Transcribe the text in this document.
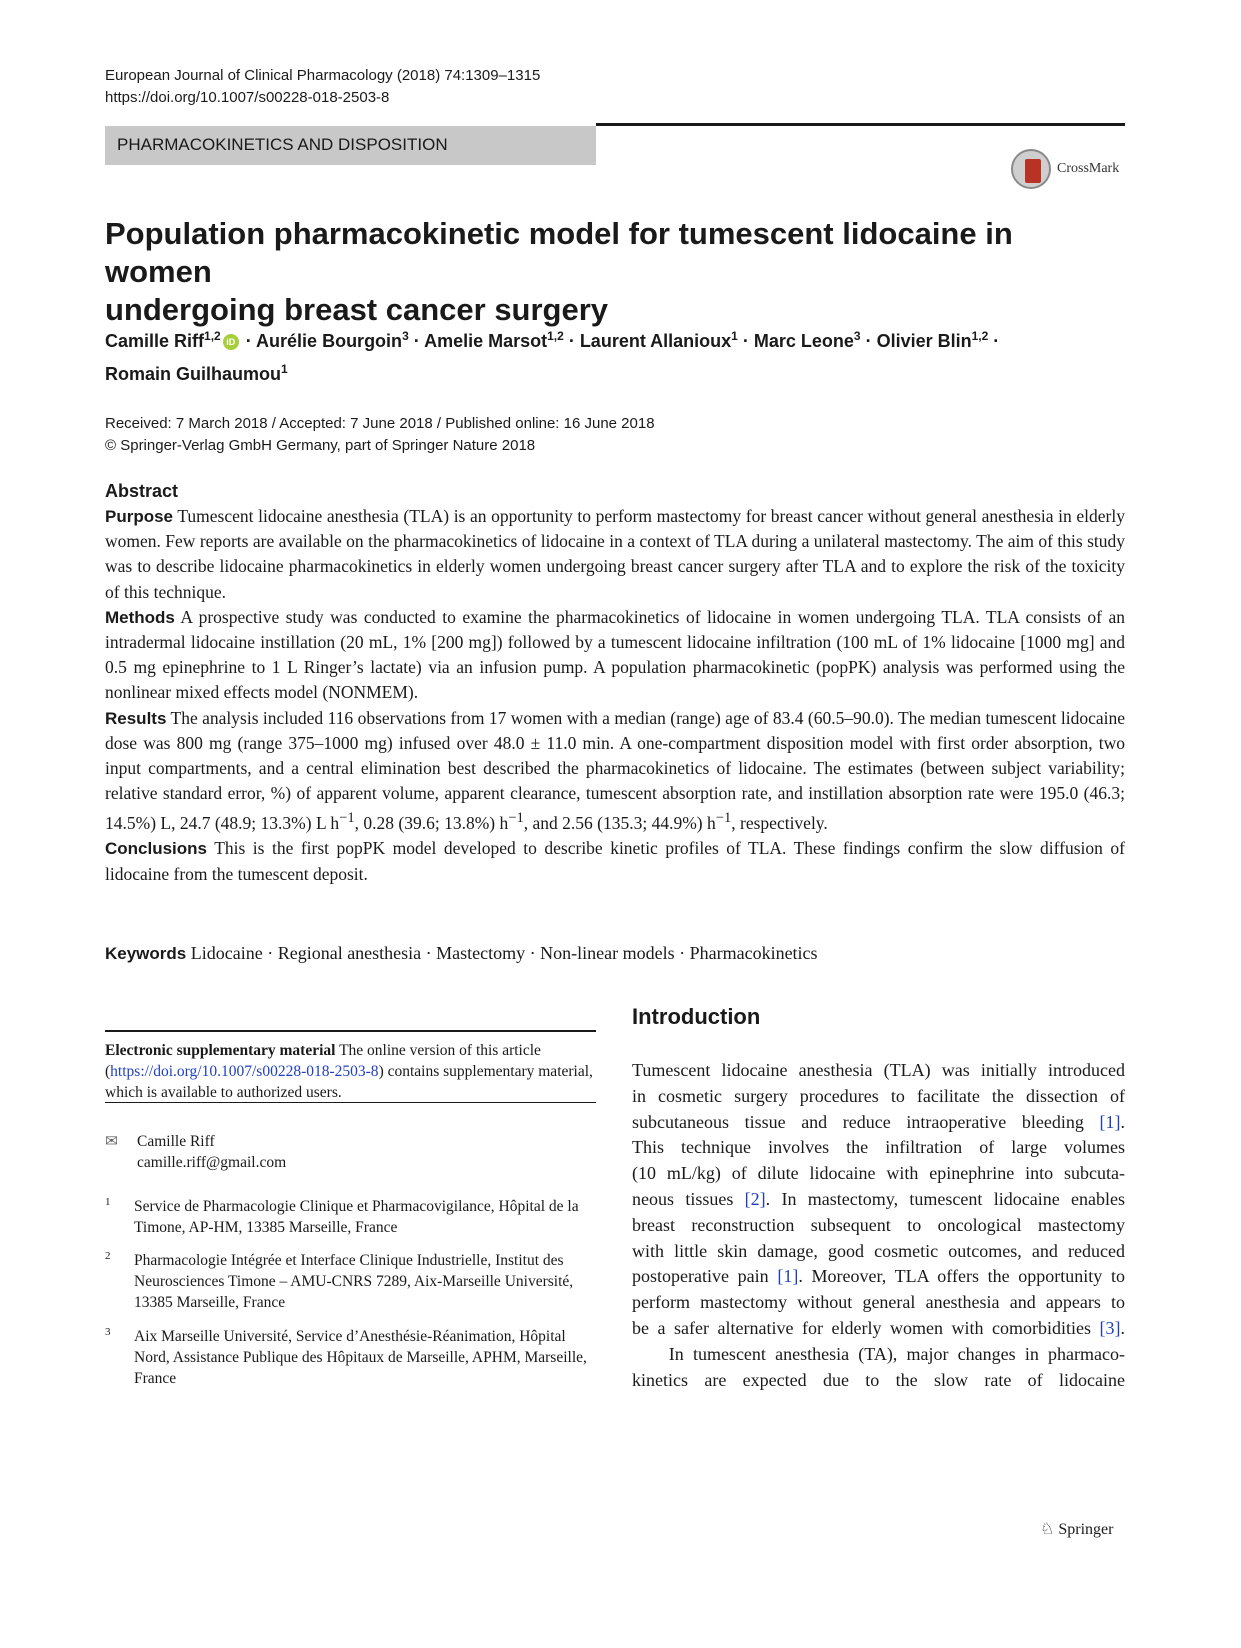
European Journal of Clinical Pharmacology (2018) 74:1309–1315
https://doi.org/10.1007/s00228-018-2503-8
PHARMACOKINETICS AND DISPOSITION
CrossMark
Population pharmacokinetic model for tumescent lidocaine in women
undergoing breast cancer surgery
Camille Riff$^{1,2}$ iD · Aurélie Bourgoin$^3$ · Amelie Marsot$^{1,2}$ · Laurent Allanioux$^1$ · Marc Leone$^3$ · Olivier Blin$^{1,2}$ ·
Romain Guilhaumou$^1$
Received: 7 March 2018 / Accepted: 7 June 2018 / Published online: 16 June 2018
© Springer-Verlag GmbH Germany, part of Springer Nature 2018
Abstract

Purpose Tumescent lidocaine anesthesia (TLA) is an opportunity to perform mastectomy for breast cancer without general anesthesia in elderly women. Few reports are available on the pharmacokinetics of lidocaine in a context of TLA during a unilateral mastectomy. The aim of this study was to describe lidocaine pharmacokinetics in elderly women undergoing breast cancer surgery after TLA and to explore the risk of the toxicity of this technique.

Methods A prospective study was conducted to examine the pharmacokinetics of lidocaine in women undergoing TLA. TLA consists of an intradermal lidocaine instillation (20 mL, 1% [200 mg]) followed by a tumescent lidocaine infiltration (100 mL of 1% lidocaine [1000 mg] and 0.5 mg epinephrine to 1 L Ringer’s lactate) via an infusion pump. A population pharmacokinetic (popPK) analysis was performed using the nonlinear mixed effects model (NONMEM).

Results The analysis included 116 observations from 17 women with a median (range) age of 83.4 (60.5–90.0). The median tumescent lidocaine dose was 800 mg (range 375–1000 mg) infused over 48.0 ± 11.0 min. A one-compartment disposition model with first order absorption, two input compartments, and a central elimination best described the pharmacokinetics of lidocaine. The estimates (between subject variability; relative standard error, %) of apparent volume, apparent clearance, tumescent absorption rate, and instillation absorption rate were 195.0 (46.3; 14.5%) L, 24.7 (48.9; 13.3%) L $h^{-1}$, 0.28 (39.6; 13.8%) $h^{-1}$, and 2.56 (135.3; 44.9%) $h^{-1}$, respectively.

Conclusions This is the first popPK model developed to describe kinetic profiles of TLA. These findings confirm the slow diffusion of lidocaine from the tumescent deposit.

Keywords Lidocaine · Regional anesthesia · Mastectomy · Non-linear models · Pharmacokinetics
Electronic supplementary material The online version of this article (https://doi.org/10.1007/s00228-018-2503-8) contains supplementary material, which is available to authorized users.
✉ Camille Riff
camille.riff@gmail.com
1 Service de Pharmacologie Clinique et Pharmacovigilance, Hôpital de la Timone, AP-HM, 13385 Marseille, France
2 Pharmacologie Intégrée et Interface Clinique Industrielle, Institut des Neurosciences Timone – AMU-CNRS 7289, Aix-Marseille Université, 13385 Marseille, France
3 Aix Marseille Université, Service d’Anesthésie-Réanimation, Hôpital Nord, Assistance Publique des Hôpitaux de Marseille, APHM, Marseille, France
Introduction

Tumescent lidocaine anesthesia (TLA) was initially introduced

in cosmetic surgery procedures to facilitate the dissection of

subcutaneous tissue and reduce intraoperative bleeding [1].

This technique involves the infiltration of large volumes

(10 mL/kg) of dilute lidocaine with epinephrine into subcuta-

neous tissues [2]. In mastectomy, tumescent lidocaine enables

breast reconstruction subsequent to oncological mastectomy

with little skin damage, good cosmetic outcomes, and reduced

postoperative pain [1]. Moreover, TLA offers the opportunity to

perform mastectomy without general anesthesia and appears to

be a safer alternative for elderly women with comorbidities [3].

In tumescent anesthesia (TA), major changes in pharmaco-

kinetics are expected due to the slow rate of lidocaine

♘ Springer
